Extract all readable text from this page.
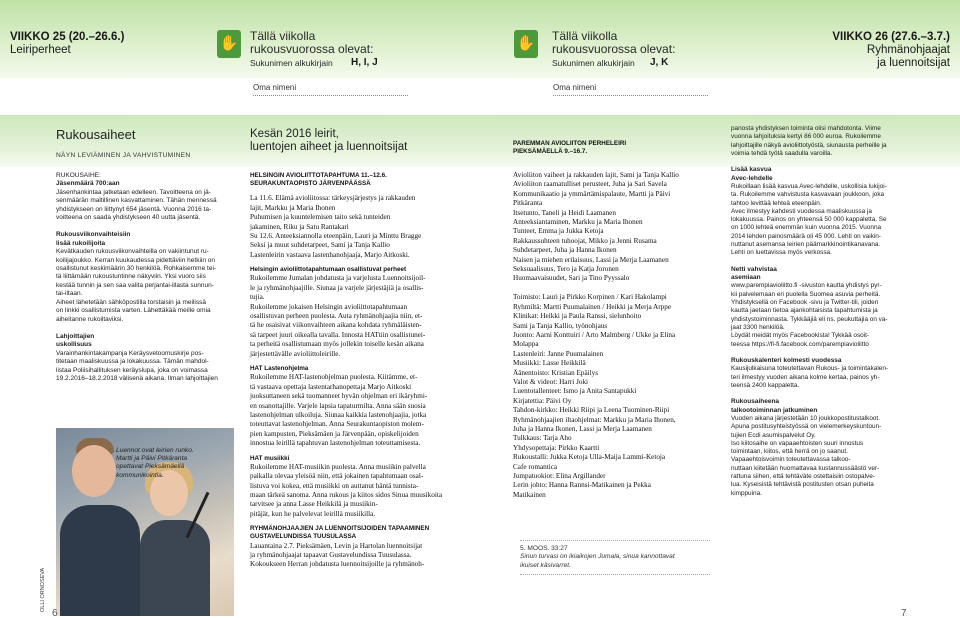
VIIKKO 25 (20.–26.6.)
Leiriperheet	✋ Tällä viikolla
rukousvuorossa olevat:
Sukunimen alkukirjain H, I, J
Oma nimeni
✋ Tällä viikolla
rukousvuorossa olevat:
Sukunimen alkukirjain J, K
Oma nimeni
VIIKKO 26 (27.6.–3.7.)
Ryhmänohjaajat
ja luennoitsijat
Rukousaiheet
NÄYN LEVIÄMINEN JA VAHVISTUMINEN
RUKOUSAIHE:
Jäsenmäärä 700:aan
Jäsenhankintaa jatketaan edelleen. Tavoitteena on jä-
senmäärän maltillinen kasvattaminen. Tähän mennessä
yhdistykseen on liittynyt 654 jäsentä. Vuonna 2016 ta-
voitteena on saada yhdistykseen 40 uutta jäsentä.
Rukousviikonvaihteisiin
lisää rukoilijoita
Kevätkauden rukousviikonvaihteilla on vakiintunut ru-
koilijajoukko. Kerran kuukaudessa pidettäviin hetkiin on
osallistunut keskimäärin 30 henkilöä. Rohkaisemme tei-
tä liittämään rukoustuntinne näkyviin. Yksi vuoro siis
kestää tunnin ja sen saa valita perjantai-illasta sunnun-
tai-iltaan.
Aiheet lähetetään sähköpostilla torstaisin ja meilissä
on linkki osallistumista varten. Lähettäkää meille omia
aiheitanne rukoiltaviksi.
Lahjoittajien
uskollisuus
Varainhankintakampanja Keräysvetoomuskirje pos-
titetaan maaliskuussa ja lokakuussa. Tämän mahdol-
listaa Poliisihallituksen keräyslupa, joka on voimassa
19.2.2016–18.2.2018 välisenä aikana. Ilman lahjoittajien
Luennot ovat leirien runko.
Martti ja Päivi Pitkäranta
opettavat Pieksämäellä
kommunikointia.
OLLI ORNOSEVA
6
Kesän 2016 leirit,
luentojen aiheet ja luennoitsijat
HELSINGIN AVIOLIITTOTAPAHTUMA 11.–12.6.
SEURAKUNTAOPISTO JÄRVENPÄÄSSÄ
La 11.6. Elämä avioliitossa: tärkeysjärjestys ja rakkauden
lajit, Markku ja Maria Ihonen
Puhumisen ja kuuntelemisen taito sekä tunteiden
jakaminen, Riku ja Satu Rantakari
Su 12.6. Anteeksiannolla eteenpäin, Lauri ja Minttu Bragge
Seksi ja muut suhdetarpeet, Sami ja Tanja Kallio
Lastenleirin vastaava lastenhanohjaaja, Marjo Aitkoski.
Helsingin avioliittotapahtumaan osallistuvat perheet
Rukoilemme Jumalan johdatusta ja varjelusta Luennoitsijoil-
le ja ryhmänohjaajille. Siunaa ja varjele järjestäjiä ja osallis-
tujia.
Rukoilemme jokaisen Helsingin avioliittotapahtumaan
osallistuvan perheen puolesta. Auta ryhmänohjaajia niin, et-
tä he osaisivat viikonvaihteen aikana kohdata ryhmäläisten-
sä tarpeet juuri oikealla tavalla. Innosta HATtiin osallistunei-
ta perheitä osallistumaan myös jollekin toiselle kesän aikana
järjestettävälle avioliittoleirille.
HAT Lastenohjelma
Rukoilemme HAT-lastenohjelman puolesta. Kiitämme, et-
tä vastaava opettaja lastentarhanopettaja Marjo Aitkoski
juoksuttaneen sekä tuomanneet hyvän ohjelman eri ikäryhmi-
en osanottajille. Varjele lapsia tapaturmilta. Anna sään suosia
lastenohjelman ulkoiluja. Siunaa kaikkia lastenohjaajia, jotka
toteuttavat lastenohjelman. Anna Seurakuntaopiston molem-
pien kampusten, Pieksämäen ja Järvenpään, opiskelijoiden
innostua leirillä tapahtuvan lastenohjelman toteuttamisesta.
HAT musiikki
Rukoilemme HAT-musiikin puolesta. Anna musiikin palvella
paikalla olevaa yleisöä niin, että jokainen tapahtumaan osal-
listuva voi kokea, että musiikki on auttanut häntä tunnista-
maan tärkeä sanoma. Anna rukous ja kiitos sidos Sinua muusikoita
tarvitsee ja anna Lasse Heikkilä ja musiikin-
pitäjät, kun he palvelevat leirillä musiikilla.
RYHMÄNOHJAAJIEN JA LUENNOITSIJOIDEN TAPAAMINEN
GUSTAVELUNDISSA TUUSULASSA
Lauantaina 2.7. Pieksämäen, Levin ja Hartolan luennoitsijat
ja ryhmänohjaajat tapaavat Gustavelundissa Tuusulassa.
Kokoukseen Herran johdatusta luennoitsijoille ja ryhmänoh-
PAREMMAN AVIOLIITON PERHELEIRI
PIEKSÄMÄELLÄ 9.–16.7.
Avioliiton vaiheet ja rakkauden lajit, Sami ja Tanja Kallio
Avioliiton raamatulliset perusteet, Juha ja Sari Savela
Kommunikaatio ja ymmärtämispalaute, Martti ja Päivi
Pitkäranta
Itsetunto, Taneli ja Heidi Laamanen
Anteeksiantaminen, Markku ja Maria Ihonen
Tunteet, Emma ja Jukka Ketoja
Rakkaussuhteen tuhoojat, Mikko ja Jenni Rusama
Suhdetarpeet, Juha ja Hanna Ikonen
Naisen ja miehen erilaisuus, Lassi ja Merja Laamanen
Seksuaalisuus, Tero ja Katja Joronen
Huomaavaisuudet, Sari ja Tino Pyyssalo

Toimisto: Lauri ja Pirkko Korpinen / Kari Hakolampi
Ryhmiltä: Martti Puumalainen / Heikki ja Merja Arppe
Klinikat: Heikki ja Paula Ranssi, sielunhoito
Sami ja Tanja Kallio, työnohjaus
Juonto: Aarni Konttuiri / Arto Malmberg / Ukke ja Elina
Molappa
Lastenleiri: Janne Puumalainen
Musiikki: Lasse Heikkilä
Äänentoisto: Kristian Epäilys
Valot & videot: Harri Joki
Luentotallenteet: Ismo ja Anita Santapukki
Kirjatettia: Päivi Oy
Tahdon-kirkko: Heikki Riipi ja Leena Tuominen-Riipi
Ryhmänohjaajien iltaohjelmat: Markku ja Maria Ihonen,
Juha ja Hanna Ikonen, Lassi ja Merja Laamanen
Tulkkaus: Tarja Aho
Yhdysopettaja: Pirkko Kaartti
Rukoustalli: Jukka Ketoja Ulla-Maija Lammi-Ketoja
Cafe romantica
Jumpatuokiot: Elina Argillander
Lerin johto: Hanna Rannsi-Matikainen ja Pekka
Matikainen
5. MOOS. 33:27
Sinun turvasi on ikiaikojen Jumala, sinua kannottavat
ikuiset käsivarret.
panosta yhdistyksen toiminta olisi mahdotonta. Viime
vuonna lahjoituksia kertyi 86 000 euroa. Rukoilemme
lahjoittajille näkyä avioliittotyöstä, siunausta perheille ja
voimia tehdä työtä saadulla varoilla.
Lisää kasvua
Avec-lehdelle
Rukoillaan lisää kasvua Avec-lehdelle, uskollisia lukijoi-
ta. Rukoilemme vahvistusta kasvavaan joukkoon, joka
tahtoo levittää lehteä eteenpäin.
Avec ilmestyy kahdesti vuodessa maaliskuussa ja
lokakuussa. Painos on yhteensä 50 000 kappaletta. Se
on 1000 lehteä enemmän kuin vuonna 2015. Vuonna
2014 lehden painosmäärä oli 45 000. Lehti on vaikin-
nuttanut asemansa leirien päämarkkinointikanavana.
Lehti on luettavissa myös verkossa.
Netti vahvistaa
asemiaan
www.parempiavioliitto.fi -sivuston kautta yhdistys pyr-
kii palvelemaan eri puolella Suomea asuvia perheitä.
Yhdistyksellä on Facebook -sivu ja Twitter-tili, joiden
kautta jaetaan tietoa ajankohtaisista tapahtumista ja
yhdistystoiminnasta. Tykkääjiä eli ns. peukuttajia on va-
jaat 3300 henkilöä.
Löydät meidät myös Facebookista! Tykkää osoit-
teessa https://fi-fi.facebook.com/parempiavioliitto
Rukouskalenteri kolmesti vuodessa
Kausijulkaisuna toteutettavan Rukous- ja toimintakalen-
teri ilmestyy vuoden aikana kolme kertaa, painos yh-
teensä 2400 kappaletta.
Rukousaiheena
talkootoiminnan jatkuminen
Vuoden aikana järjestetään 10 joukkopostitustalkoot.
Apuna postitusyhteistyössä on vielemerkeyskuntoun-
tujien Ecdi asumispalvelut Oy.
Iso kiitosaihe on vapaaehtoisten suuri innostus
toimintaan, kiitos, että herrä on jo saanut.
Vapaaehtoisvoimin toteutettavassa talkoo-
nuttaan kiitetään huomattavaa kustannussäästö ver-
rattuna siihen, että tehtäväte ostettaisiin ostopalve-
lua. Kyseisistä tehtävistä postitusten otsan puheita
kimppuina.
7
